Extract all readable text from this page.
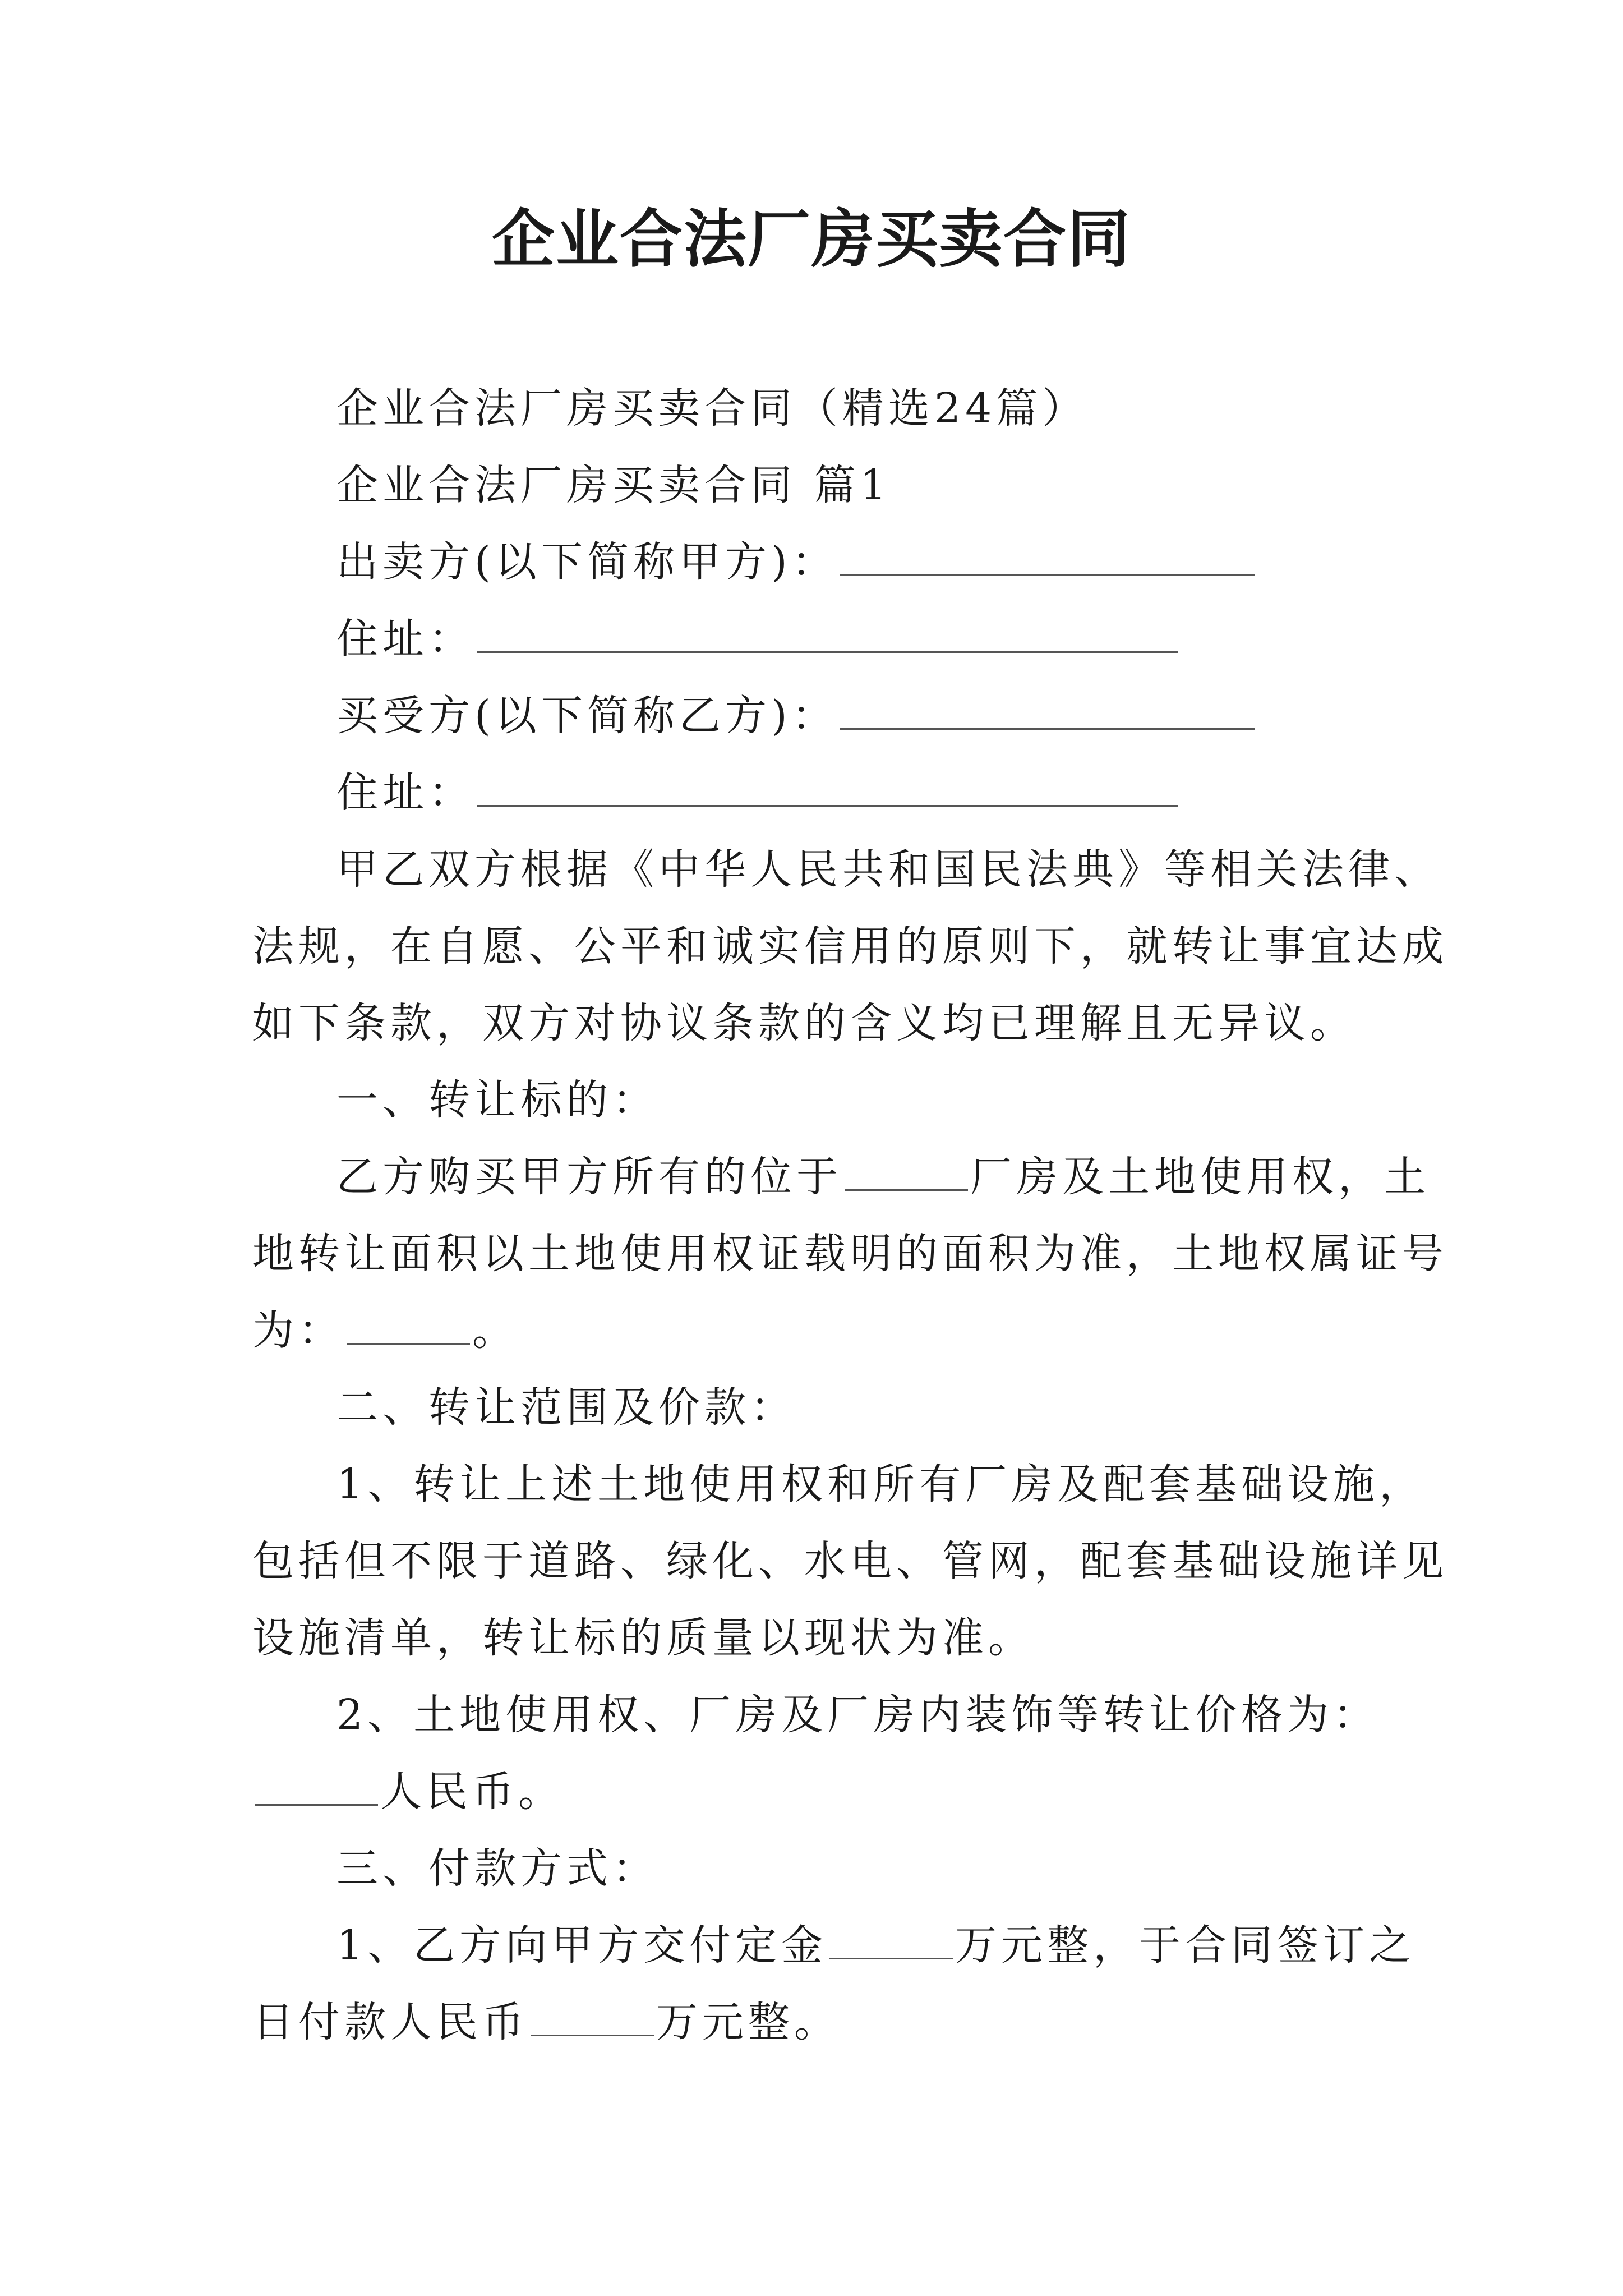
企业合法厂房买卖合同
企业合法厂房买卖合同（精选24篇）
企业合法厂房买卖合同 篇1
出卖方(以下简称甲方)：
住址：
买受方(以下简称乙方)：
住址：
甲乙双方根据《中华人民共和国民法典》等相关法律、
法规，在自愿、公平和诚实信用的原则下，就转让事宜达成
如下条款，双方对协议条款的含义均已理解且无异议。
一、转让标的：
乙方购买甲方所有的位于	厂房及土地使用权，土
地转让面积以土地使用权证载明的面积为准，土地权属证号
为：	。
二、转让范围及价款：
1、转让上述土地使用权和所有厂房及配套基础设施，
包括但不限于道路、绿化、水电、管网，配套基础设施详见
设施清单，转让标的质量以现状为准。
2、土地使用权、厂房及厂房内装饰等转让价格为：
人民币。
三、付款方式：
1、乙方向甲方交付定金	万元整，于合同签订之
日付款人民币	万元整。
